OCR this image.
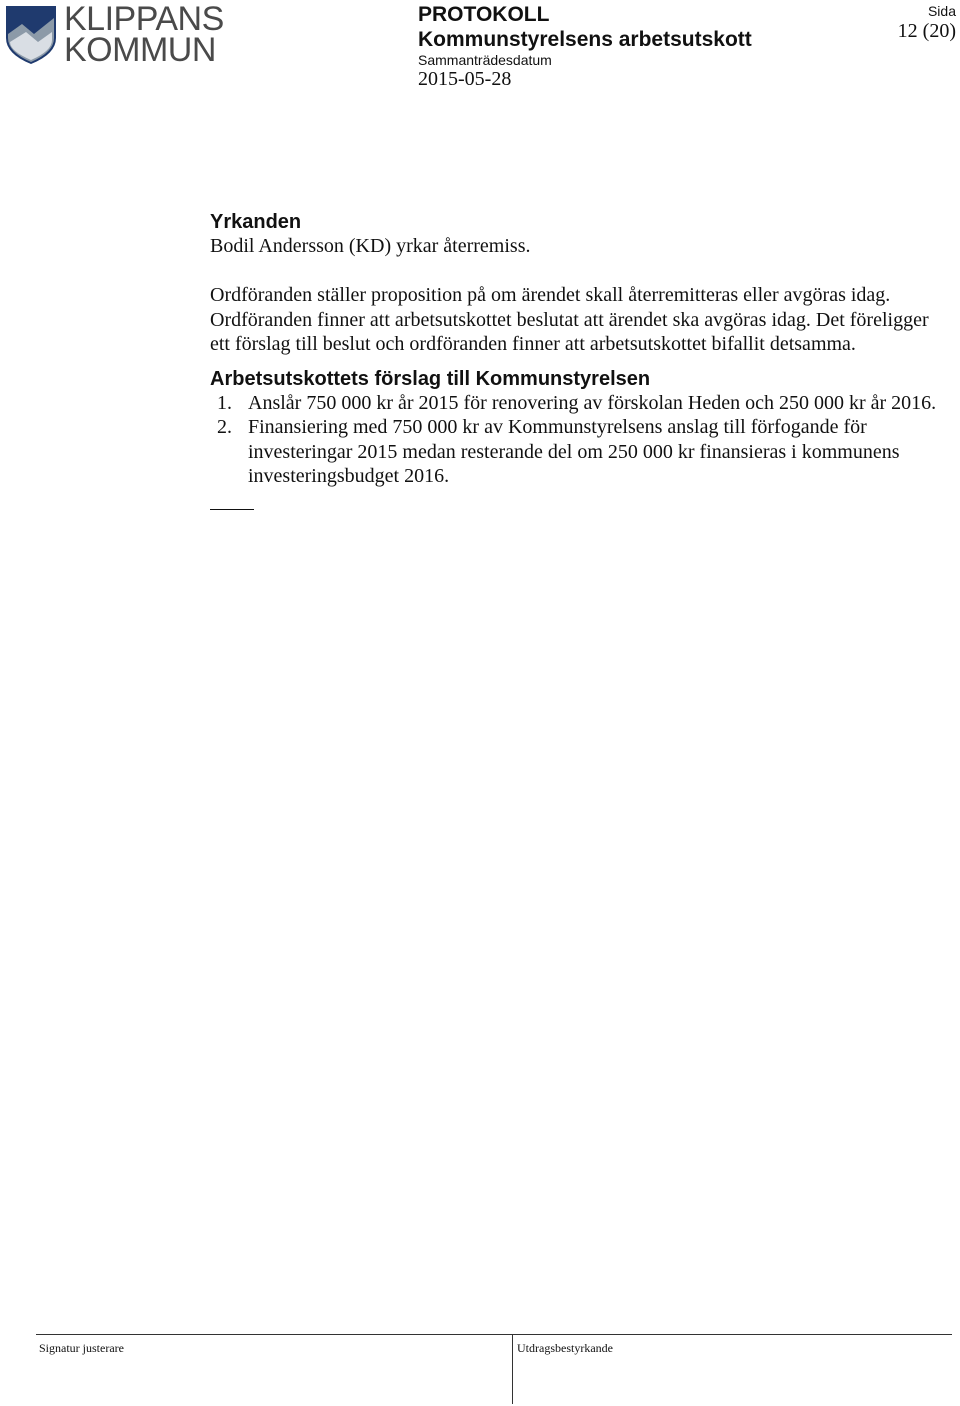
KLIPPANS
KOMMUN
PROTOKOLL
Kommunstyrelsens arbetsutskott
Sammanträdesdatum
2015-05-28
Sida
12 (20)
Yrkanden

Bodil Andersson (KD) yrkar återremiss.

Ordföranden ställer proposition på om ärendet skall återremitteras eller avgöras idag. Ordföranden finner att arbetsutskottet beslutat att ärendet ska avgöras idag. Det föreligger ett förslag till beslut och ordföranden finner att arbetsutskottet bifallit detsamma.

Arbetsutskottets förslag till Kommunstyrelsen
1. Anslår 750 000 kr år 2015 för renovering av förskolan Heden och 250 000 kr år 2016.
2. Finansiering med 750 000 kr av Kommunstyrelsens anslag till förfogande för investeringar 2015 medan resterande del om 250 000 kr finansieras i kommunens investeringsbudget 2016.
Signatur justerare	Utdragsbestyrkande
